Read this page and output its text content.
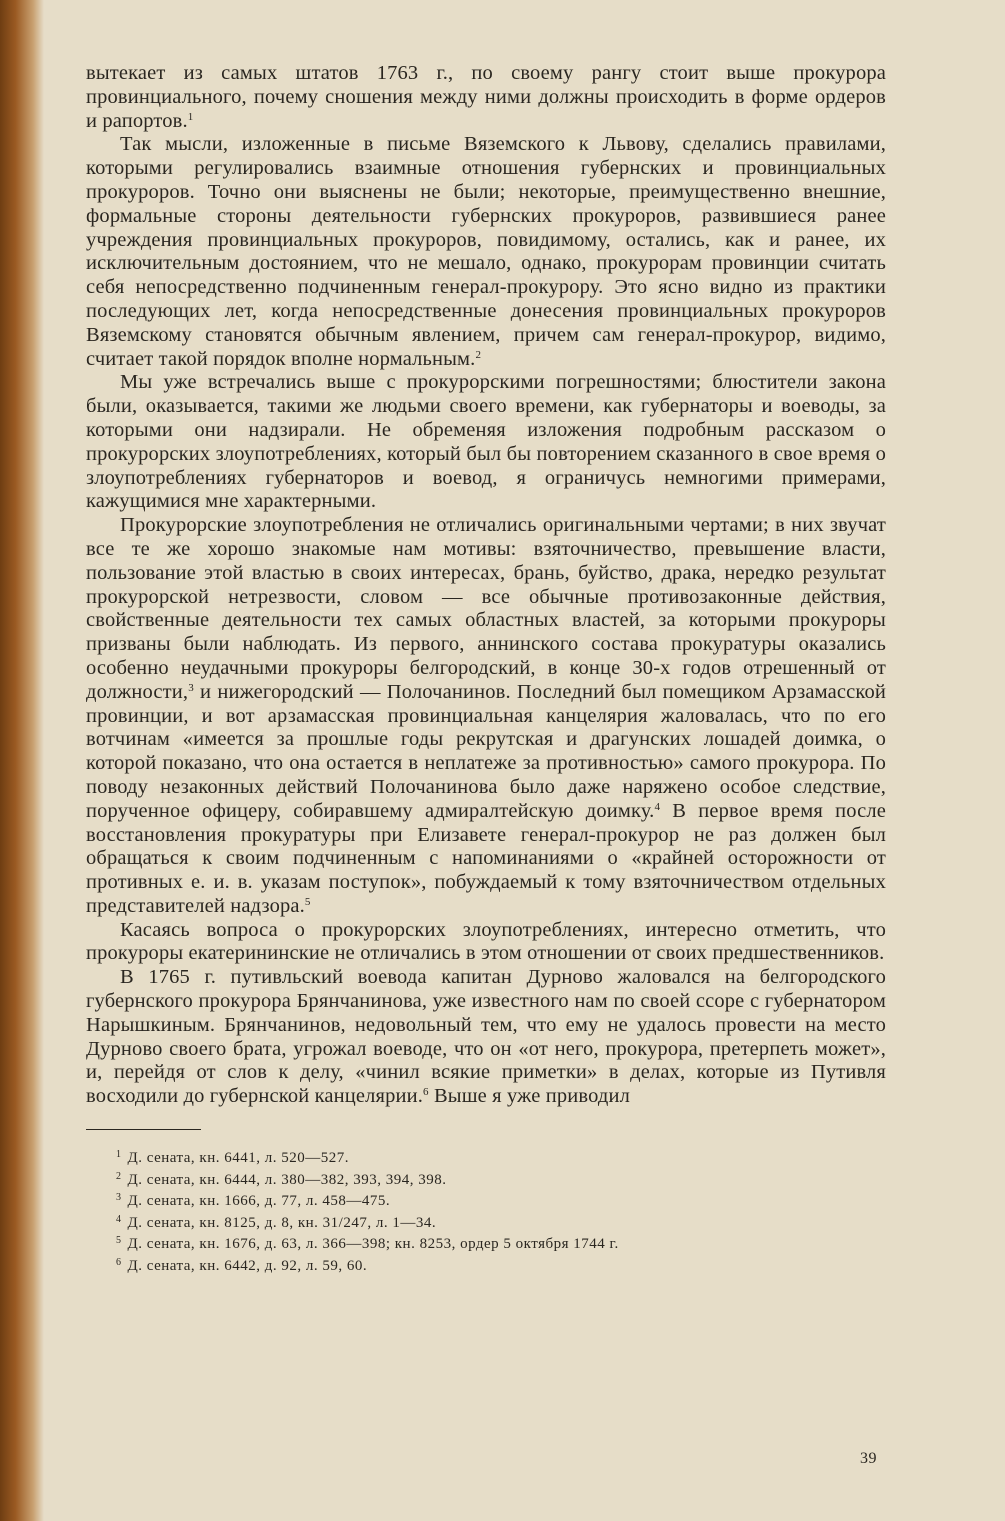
вытекает из самых штатов 1763 г., по своему рангу стоит выше прокурора провинциального, почему сношения между ними должны происходить в форме ордеров и рапортов.$^1$

Так мысли, изложенные в письме Вяземского к Львову, сделались правилами, которыми регулировались взаимные отношения губернских и провинциальных прокуроров. Точно они выяснены не были; некоторые, преимущественно внешние, формальные стороны деятельности губернских прокуроров, развившиеся ранее учреждения провинциальных прокуроров, повидимому, остались, как и ранее, их исключительным достоянием, что не мешало, однако, прокурорам провинции считать себя непосредственно подчиненным генерал-прокурору. Это ясно видно из практики последующих лет, когда непосредственные донесения провинциальных прокуроров Вяземскому становятся обычным явлением, причем сам генерал-прокурор, видимо, считает такой порядок вполне нормальным.$^2$

Мы уже встречались выше с прокурорскими погрешностями; блюстители закона были, оказывается, такими же людьми своего времени, как губернаторы и воеводы, за которыми они надзирали. Не обременяя изложения подробным рассказом о прокурорских злоупотреблениях, который был бы повторением сказанного в свое время о злоупотреблениях губернаторов и воевод, я ограничусь немногими примерами, кажущимися мне характерными.

Прокурорские злоупотребления не отличались оригинальными чертами; в них звучат все те же хорошо знакомые нам мотивы: взяточничество, превышение власти, пользование этой властью в своих интересах, брань, буйство, драка, нередко результат прокурорской нетрезвости, словом — все обычные противозаконные действия, свойственные деятельности тех самых областных властей, за которыми прокуроры призваны были наблюдать. Из первого, аннинского состава прокуратуры оказались особенно неудачными прокуроры белгородский, в конце 30-х годов отрешенный от должности,$^3$ и нижегородский — Полочанинов. Последний был помещиком Арзамасской провинции, и вот арзамасская провинциальная канцелярия жаловалась, что по его вотчинам «имеется за прошлые годы рекрутская и драгунских лошадей доимка, о которой показано, что она остается в неплатеже за противностью» самого прокурора. По поводу незаконных действий Полочанинова было даже наряжено особое следствие, порученное офицеру, собиравшему адмиралтейскую доимку.$^4$ В первое время после восстановления прокуратуры при Елизавете генерал-прокурор не раз должен был обращаться к своим подчиненным с напоминаниями о «крайней осторожности от противных е. и. в. указам поступок», побуждаемый к тому взяточничеством отдельных представителей надзора.$^5$

Касаясь вопроса о прокурорских злоупотреблениях, интересно отметить, что прокуроры екатерининские не отличались в этом отношении от своих предшественников.

В 1765 г. путивльский воевода капитан Дурново жаловался на белгородского губернского прокурора Брянчанинова, уже известного нам по своей ссоре с губернатором Нарышкиным. Брянчанинов, недовольный тем, что ему не удалось провести на место Дурново своего брата, угрожал воеводе, что он «от него, прокурора, претерпеть может», и, перейдя от слов к делу, «чинил всякие приметки» в делах, которые из Путивля восходили до губернской канцелярии.$^6$ Выше я уже приводил

$^1$ Д. сената, кн. 6441, л. 520—527.
$^2$ Д. сената, кн. 6444, л. 380—382, 393, 394, 398.
$^3$ Д. сената, кн. 1666, д. 77, л. 458—475.
$^4$ Д. сената, кн. 8125, д. 8, кн. 31/247, л. 1—34.
$^5$ Д. сената, кн. 1676, д. 63, л. 366—398; кн. 8253, ордер 5 октября 1744 г.
$^6$ Д. сената, кн. 6442, д. 92, л. 59, 60.
39
